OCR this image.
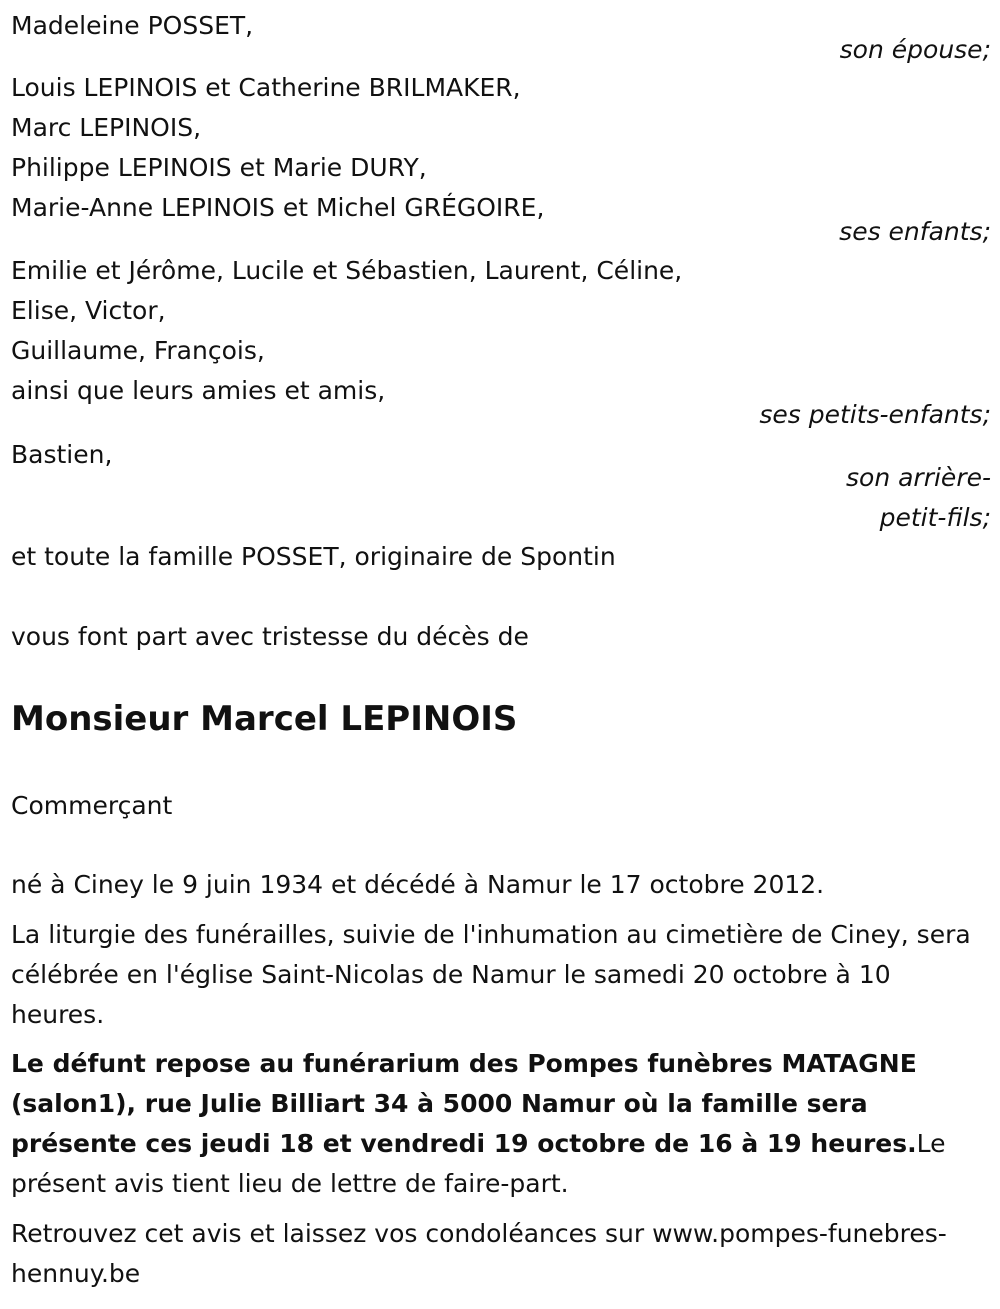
Madeleine POSSET,
son épouse;
Louis LEPINOIS et Catherine BRILMAKER,
Marc LEPINOIS,
Philippe LEPINOIS et Marie DURY,
Marie-Anne LEPINOIS et Michel GRÉGOIRE,
ses enfants;
Emilie et Jérôme, Lucile et Sébastien, Laurent, Céline,
Elise, Victor,
Guillaume, François,
ainsi que leurs amies et amis,
ses petits-enfants;
Bastien,
son arrière-
petit-fils;
et toute la famille POSSET, originaire de Spontin
vous font part avec tristesse du décès de
Monsieur Marcel LEPINOIS
Commerçant
né à Ciney le 9 juin 1934 et décédé à Namur le 17 octobre 2012.
La liturgie des funérailles, suivie de l'inhumation au cimetière de Ciney, sera célébrée en l'église Saint-Nicolas de Namur le samedi 20 octobre à 10 heures.
Le défunt repose au funérarium des Pompes funèbres MATAGNE (salon1), rue Julie Billiart 34 à 5000 Namur où la famille sera présente ces jeudi 18 et vendredi 19 octobre de 16 à 19 heures.Le présent avis tient lieu de lettre de faire-part.
Retrouvez cet avis et laissez vos condoléances sur www.pompes-funebres-hennuy.be
